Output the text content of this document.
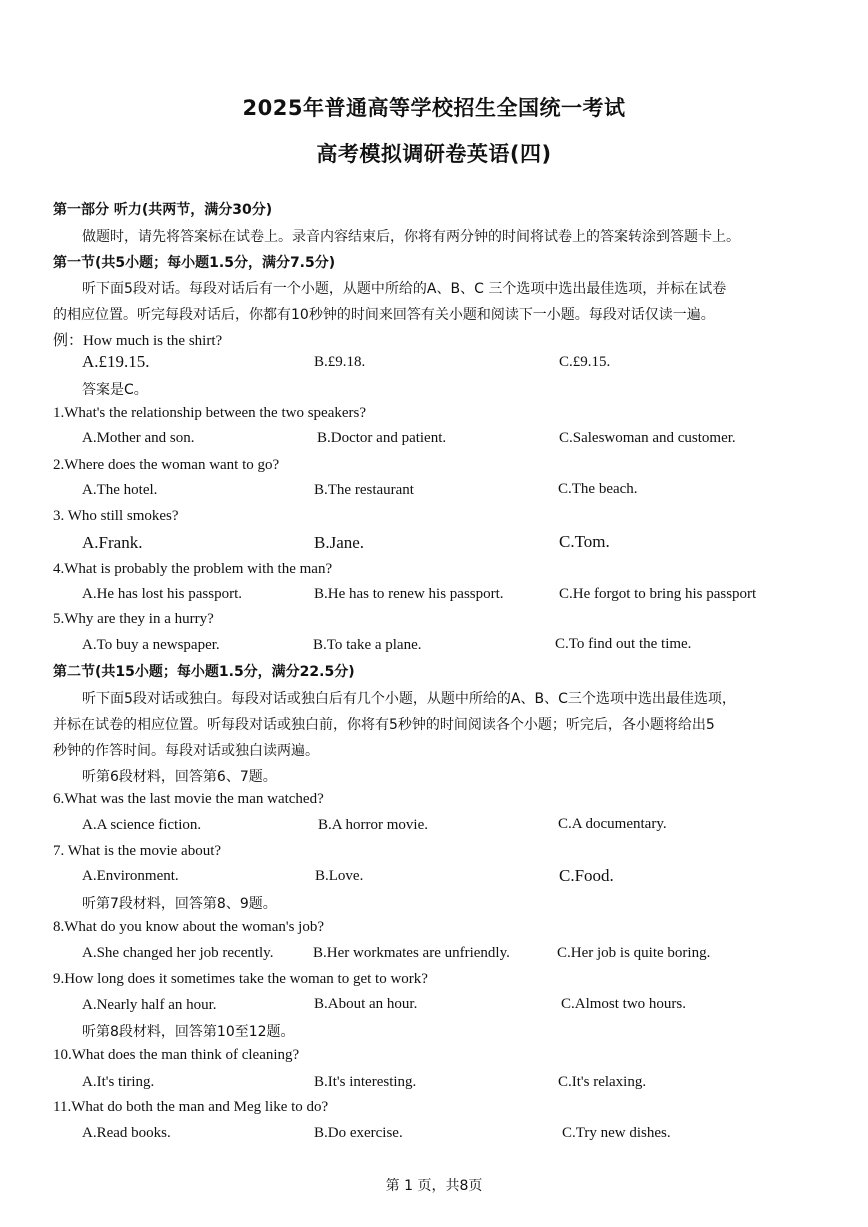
2025年普通高等学校招生全国统一考试
高考模拟调研卷英语(四)
第一部分 听力(共两节，满分30分)
做题时，请先将答案标在试卷上。录音内容结束后，你将有两分钟的时间将试卷上的答案转涂到答题卡上。
第一节(共5小题；每小题1.5分，满分7.5分)
听下面5段对话。每段对话后有一个小题，从题中所给的A、B、C 三个选项中选出最佳选项，并标在试卷
的相应位置。听完每段对话后，你都有10秒钟的时间来回答有关小题和阅读下一小题。每段对话仅读一遍。
例：How much is the shirt?
A.£19.15.	B.£9.18.	C.£9.15.
答案是C。
1.What's the relationship between the two speakers?
A.Mother and son.	B.Doctor and patient.	C.Saleswoman and customer.
2.Where does the woman want to go?
A.The hotel.	B.The restaurant	C.The beach.
3. Who still smokes?
A.Frank.	B.Jane.	C.Tom.
4.What is probably the problem with the man?
A.He has lost his passport.	B.He has to renew his passport.	C.He forgot to bring his passport
5.Why are they in a hurry?
A.To buy a newspaper.	B.To take a plane.	C.To find out the time.
第二节(共15小题；每小题1.5分，满分22.5分)
听下面5段对话或独白。每段对话或独白后有几个小题，从题中所给的A、B、C三个选项中选出最佳选项，
并标在试卷的相应位置。听每段对话或独白前，你将有5秒钟的时间阅读各个小题；听完后，各小题将给出5
秒钟的作答时间。每段对话或独白读两遍。
听第6段材料，回答第6、7题。
6.What was the last movie the man watched?
A.A science fiction.	B.A horror movie.	C.A documentary.
7. What is the movie about?
A.Environment.	B.Love.	C.Food.
听第7段材料，回答第8、9题。
8.What do you know about the woman's job?
A.She changed her job recently.	B.Her workmates are unfriendly.	C.Her job is quite boring.
9.How long does it sometimes take the woman to get to work?
A.Nearly half an hour.	B.About an hour.	C.Almost two hours.
听第8段材料，回答第10至12题。
10.What does the man think of cleaning?
A.It's tiring.	B.It's interesting.	C.It's relaxing.
11.What do both the man and Meg like to do?
A.Read books.	B.Do exercise.	C.Try new dishes.
第 1 页，共8页
